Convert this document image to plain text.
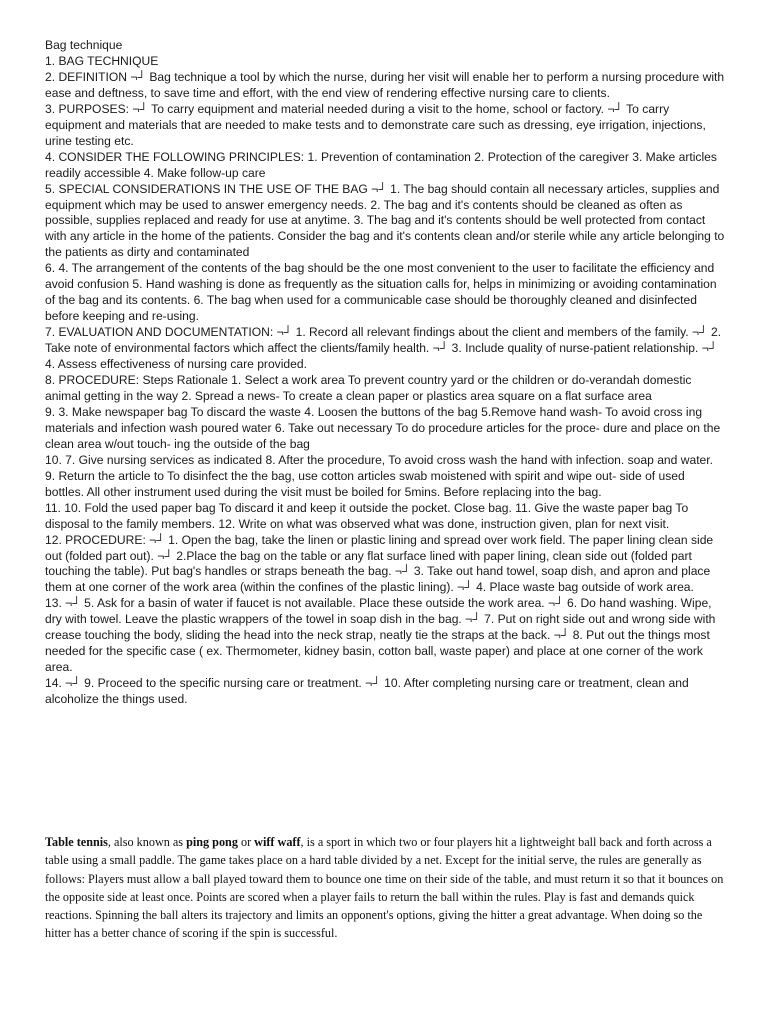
Bag technique

1. BAG TECHNIQUE

2. DEFINITION ¬┘ Bag technique a tool by which the nurse, during her visit will enable her to perform a nursing procedure with ease and deftness, to save time and effort, with the end view of rendering effective nursing care to clients.

3. PURPOSES: ¬┘ To carry equipment and material needed during a visit to the home, school or factory. ¬┘ To carry equipment and materials that are needed to make tests and to demonstrate care such as dressing, eye irrigation, injections, urine testing etc.

4. CONSIDER THE FOLLOWING PRINCIPLES: 1. Prevention of contamination 2. Protection of the caregiver 3. Make articles readily accessible 4. Make follow-up care

5. SPECIAL CONSIDERATIONS IN THE USE OF THE BAG ¬┘ 1. The bag should contain all necessary articles, supplies and equipment which may be used to answer emergency needs. 2. The bag and it's contents should be cleaned as often as possible, supplies replaced and ready for use at anytime. 3. The bag and it's contents should be well protected from contact with any article in the home of the patients. Consider the bag and it's contents clean and/or sterile while any article belonging to the patients as dirty and contaminated

6. 4. The arrangement of the contents of the bag should be the one most convenient to the user to facilitate the efficiency and avoid confusion 5. Hand washing is done as frequently as the situation calls for, helps in minimizing or avoiding contamination of the bag and its contents. 6. The bag when used for a communicable case should be thoroughly cleaned and disinfected before keeping and re-using.

7. EVALUATION AND DOCUMENTATION: ¬┘ 1. Record all relevant findings about the client and members of the family. ¬┘ 2. Take note of environmental factors which affect the clients/family health. ¬┘ 3. Include quality of nurse-patient relationship. ¬┘ 4. Assess effectiveness of nursing care provided.

8. PROCEDURE: Steps Rationale 1. Select a work area To prevent country yard or the children or do-verandah domestic animal getting in the way 2. Spread a news- To create a clean paper or plastics area square on a flat surface area

9. 3. Make newspaper bag To discard the waste 4. Loosen the buttons of the bag 5.Remove hand wash- To avoid cross ing materials and infection wash poured water 6. Take out necessary To do procedure articles for the proce- dure and place on the clean area w/out touch- ing the outside of the bag

10. 7. Give nursing services as indicated 8. After the procedure, To avoid cross wash the hand with infection. soap and water. 9. Return the article to To disinfect the the bag, use cotton articles swab moistened with spirit and wipe out- side of used bottles. All other instrument used during the visit must be boiled for 5mins. Before replacing into the bag.

11. 10. Fold the used paper bag To discard it and keep it outside the pocket. Close bag. 11. Give the waste paper bag To disposal to the family members. 12. Write on what was observed what was done, instruction given, plan for next visit.

12. PROCEDURE: ¬┘ 1. Open the bag, take the linen or plastic lining and spread over work field. The paper lining clean side out (folded part out). ¬┘ 2.Place the bag on the table or any flat surface lined with paper lining, clean side out (folded part touching the table). Put bag's handles or straps beneath the bag. ¬┘ 3. Take out hand towel, soap dish, and apron and place them at one corner of the work area (within the confines of the plastic lining). ¬┘ 4. Place waste bag outside of work area.

13. ¬┘ 5. Ask for a basin of water if faucet is not available. Place these outside the work area. ¬┘ 6. Do hand washing. Wipe, dry with towel. Leave the plastic wrappers of the towel in soap dish in the bag. ¬┘ 7. Put on right side out and wrong side with crease touching the body, sliding the head into the neck strap, neatly tie the straps at the back. ¬┘ 8. Put out the things most needed for the specific case ( ex. Thermometer, kidney basin, cotton ball, waste paper) and place at one corner of the work area.

14. ¬┘ 9. Proceed to the specific nursing care or treatment. ¬┘ 10. After completing nursing care or treatment, clean and alcoholize the things used.

Table tennis, also known as ping pong or wiff waff, is a sport in which two or four players hit a lightweight ball back and forth across a table using a small paddle. The game takes place on a hard table divided by a net. Except for the initial serve, the rules are generally as follows: Players must allow a ball played toward them to bounce one time on their side of the table, and must return it so that it bounces on the opposite side at least once. Points are scored when a player fails to return the ball within the rules. Play is fast and demands quick reactions. Spinning the ball alters its trajectory and limits an opponent's options, giving the hitter a great advantage. When doing so the hitter has a better chance of scoring if the spin is successful.
